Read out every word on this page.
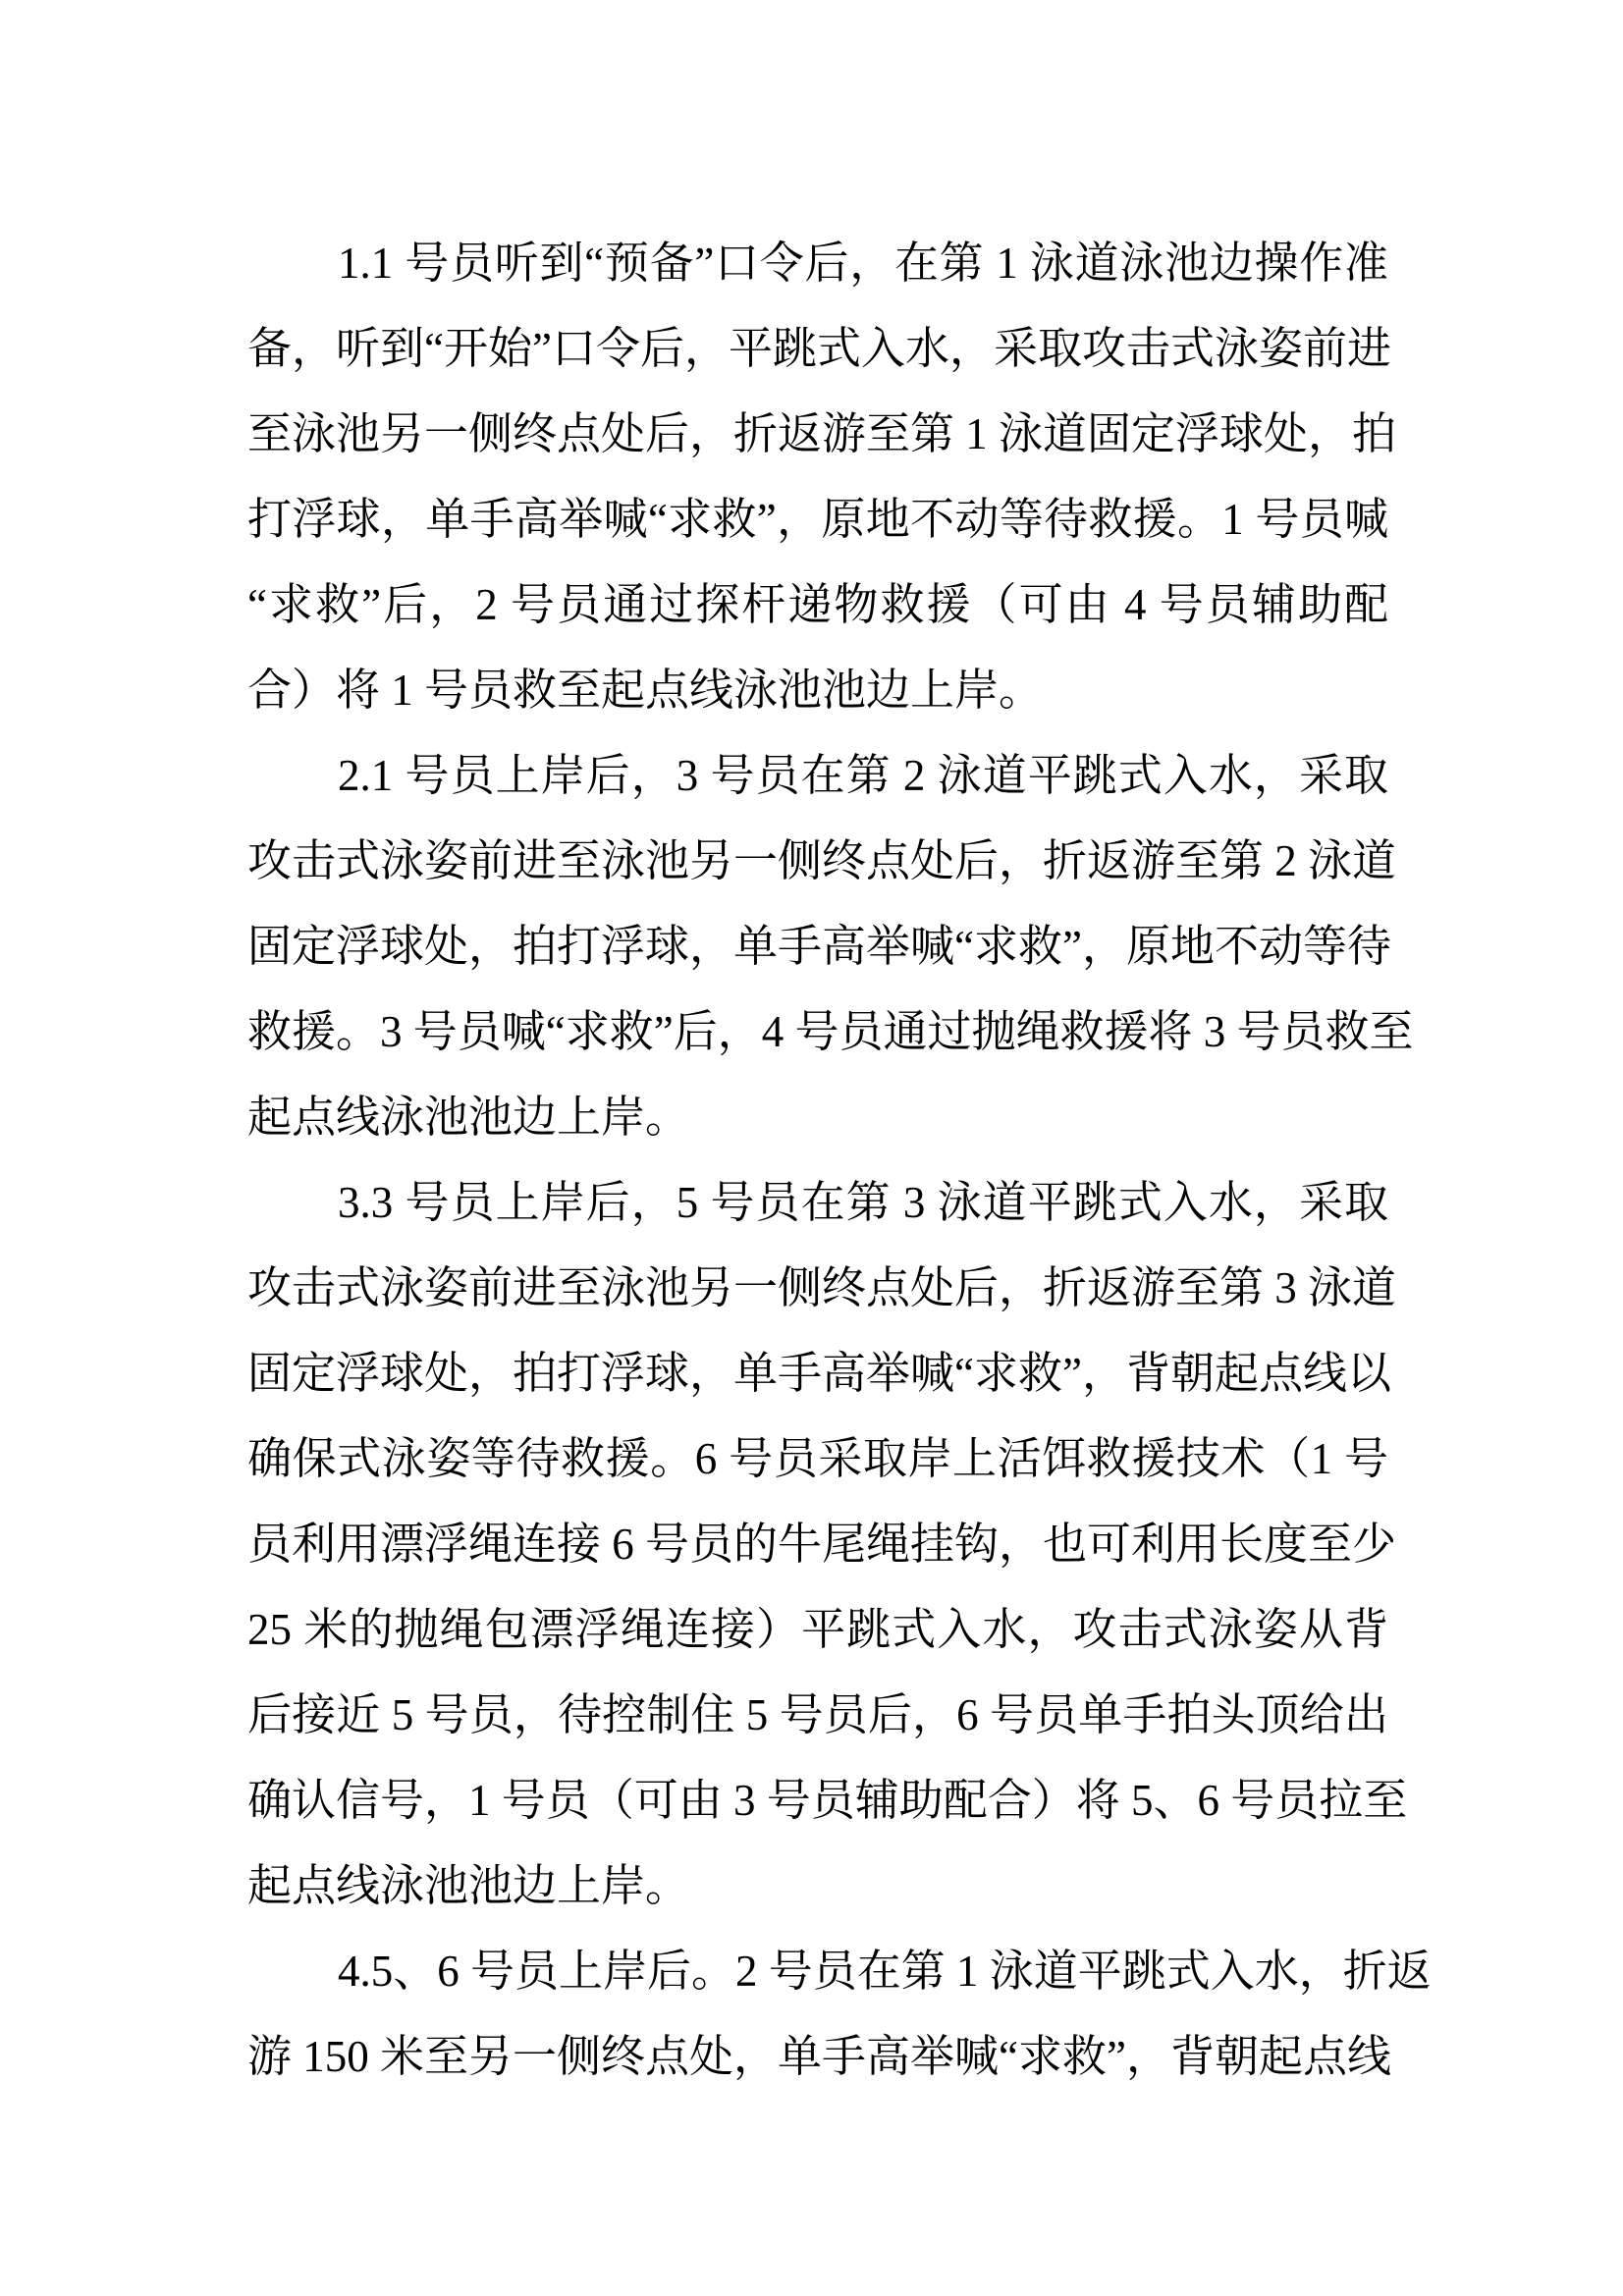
1.1 号员听到“预备”口令后，在第 1 泳道泳池边操作准
备，听到“开始”口令后，平跳式入水，采取攻击式泳姿前进
至泳池另一侧终点处后，折返游至第 1 泳道固定浮球处，拍
打浮球，单手高举喊“求救”，原地不动等待救援。1 号员喊
“求救”后，2 号员通过探杆递物救援（可由 4 号员辅助配
合）将 1 号员救至起点线泳池池边上岸。
2.1 号员上岸后，3 号员在第 2 泳道平跳式入水，采取
攻击式泳姿前进至泳池另一侧终点处后，折返游至第 2 泳道
固定浮球处，拍打浮球，单手高举喊“求救”，原地不动等待
救援。3 号员喊“求救”后，4 号员通过抛绳救援将 3 号员救至
起点线泳池池边上岸。
3.3 号员上岸后，5 号员在第 3 泳道平跳式入水，采取
攻击式泳姿前进至泳池另一侧终点处后，折返游至第 3 泳道
固定浮球处，拍打浮球，单手高举喊“求救”，背朝起点线以
确保式泳姿等待救援。6 号员采取岸上活饵救援技术（1 号
员利用漂浮绳连接 6 号员的牛尾绳挂钩，也可利用长度至少
25 米的抛绳包漂浮绳连接）平跳式入水，攻击式泳姿从背
后接近 5 号员，待控制住 5 号员后，6 号员单手拍头顶给出
确认信号，1 号员（可由 3 号员辅助配合）将 5、6 号员拉至
起点线泳池池边上岸。
4.5、6 号员上岸后。2 号员在第 1 泳道平跳式入水，折返
游 150 米至另一侧终点处，单手高举喊“求救”，背朝起点线
